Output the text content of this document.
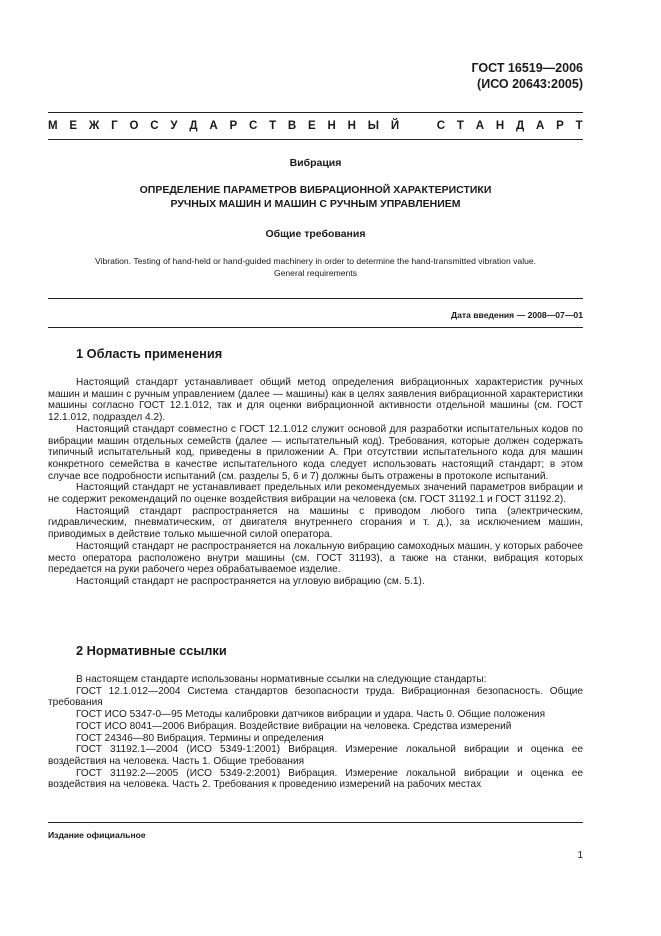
ГОСТ 16519—2006
(ИСО 20643:2005)
М Е Ж Г О С У Д А Р С Т В Е Н Н Ы Й	С Т А Н Д А Р Т
Вибрация
ОПРЕДЕЛЕНИЕ ПАРАМЕТРОВ ВИБРАЦИОННОЙ ХАРАКТЕРИСТИКИ
РУЧНЫХ МАШИН И МАШИН С РУЧНЫМ УПРАВЛЕНИЕМ
Общие требования
Vibration. Testing of hand-held or hand-guided machinery in order to determine the hand-transmitted vibration value.
General requirements
Дата введения — 2008—07—01
1 Область применения

Настоящий стандарт устанавливает общий метод определения вибрационных характеристик ручных машин и машин с ручным управлением (далее — машины) как в целях заявления вибрационной характеристики машины согласно ГОСТ 12.1.012, так и для оценки вибрационной активности отдельной машины (см. ГОСТ 12.1.012, подраздел 4.2).

Настоящий стандарт совместно с ГОСТ 12.1.012 служит основой для разработки испытательных кодов по вибрации машин отдельных семейств (далее — испытательный код). Требования, которые должен содержать типичный испытательный код, приведены в приложении А. При отсутствии испытательного кода для машин конкретного семейства в качестве испытательного кода следует использовать настоящий стандарт; в этом случае все подробности испытаний (см. разделы 5, 6 и 7) должны быть отражены в протоколе испытаний.

Настоящий стандарт не устанавливает предельных или рекомендуемых значений параметров вибрации и не содержит рекомендаций по оценке воздействия вибрации на человека (см. ГОСТ 31192.1 и ГОСТ 31192.2).

Настоящий стандарт распространяется на машины с приводом любого типа (электрическим, гидравлическим, пневматическим, от двигателя внутреннего сгорания и т. д.), за исключением машин, приводимых в действие только мышечной силой оператора.

Настоящий стандарт не распространяется на локальную вибрацию самоходных машин, у которых рабочее место оператора расположено внутри машины (см. ГОСТ 31193), а также на станки, вибрация которых передается на руки рабочего через обрабатываемое изделие.

Настоящий стандарт не распространяется на угловую вибрацию (см. 5.1).

2 Нормативные ссылки

В настоящем стандарте использованы нормативные ссылки на следующие стандарты:

ГОСТ 12.1.012—2004 Система стандартов безопасности труда. Вибрационная безопасность. Общие требования

ГОСТ ИСО 5347-0—95 Методы калибровки датчиков вибрации и удара. Часть 0. Общие положения

ГОСТ ИСО 8041—2006 Вибрация. Воздействие вибрации на человека. Средства измерений

ГОСТ 24346—80 Вибрация. Термины и определения

ГОСТ 31192.1—2004 (ИСО 5349-1:2001) Вибрация. Измерение локальной вибрации и оценка ее воздействия на человека. Часть 1. Общие требования

ГОСТ 31192.2—2005 (ИСО 5349-2:2001) Вибрация. Измерение локальной вибрации и оценка ее воздействия на человека. Часть 2. Требования к проведению измерений на рабочих местах

Издание официальное
1
